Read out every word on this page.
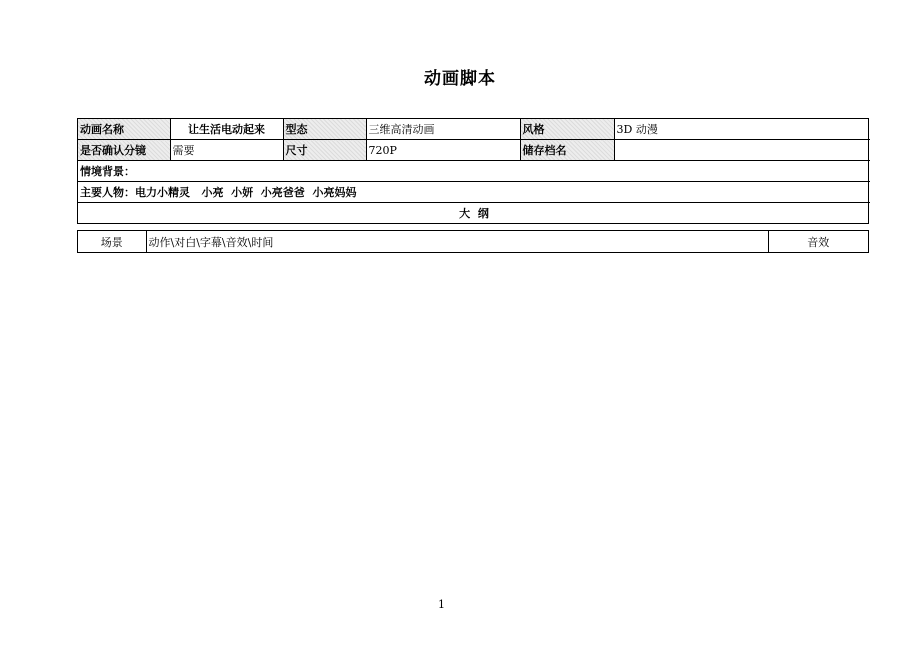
动画脚本
动画名称	让生活电动起来	型态	三维高清动画	风格	3D 动漫
是否确认分镜	需要	尺寸	720P	储存档名	
情境背景：					
主要人物：电力小精灵   小亮  小妍  小亮爸爸  小亮妈妈					
大  纲					
场景	动作\对白\字幕\音效\时间	音效
1
